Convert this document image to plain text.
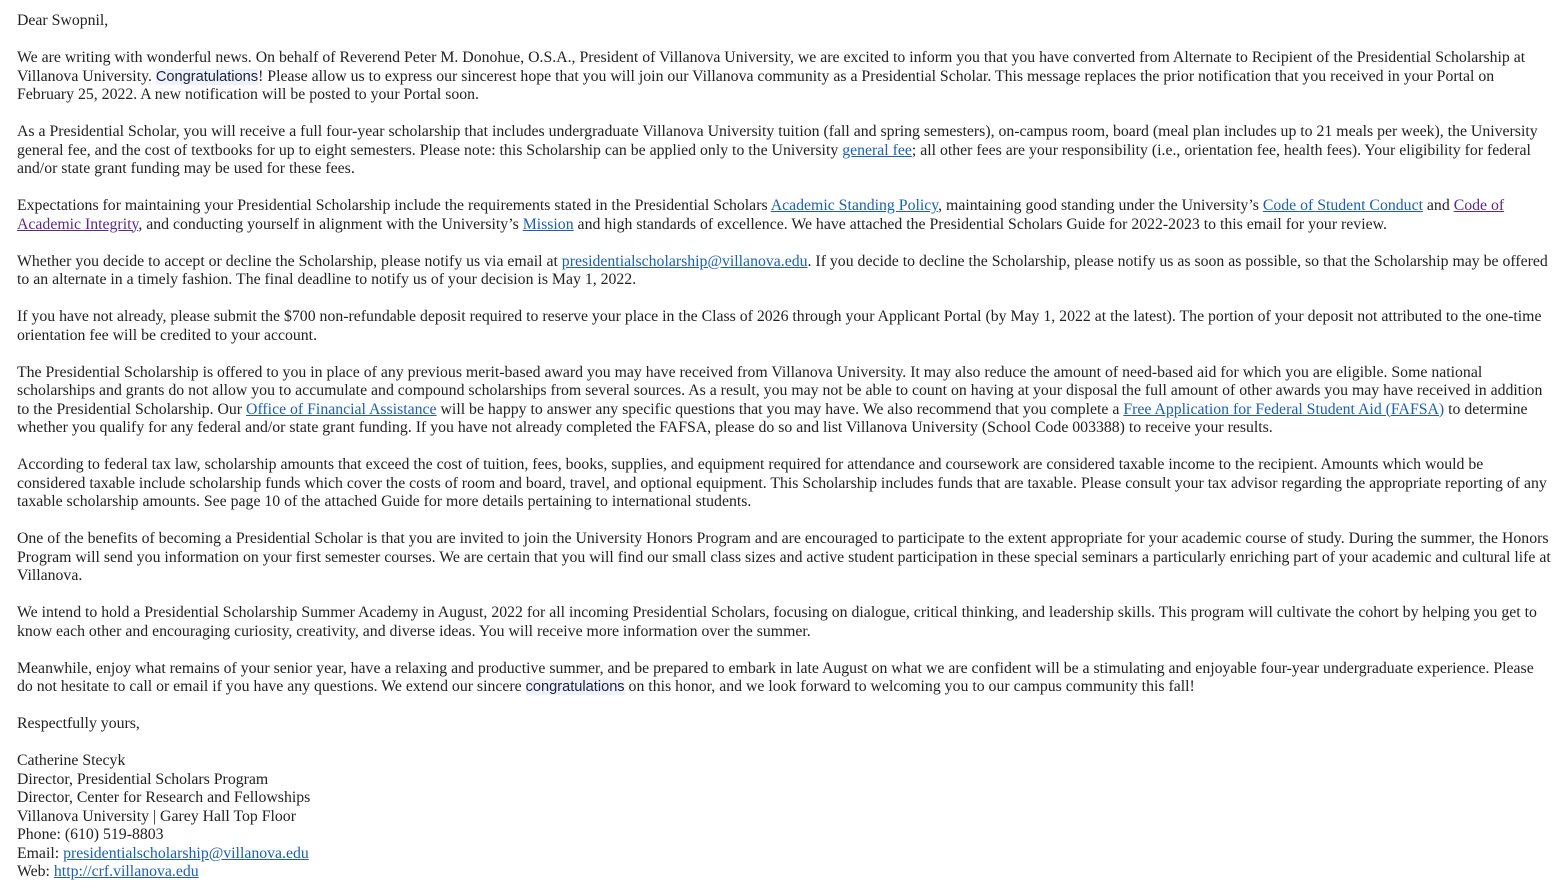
Dear Swopnil,

We are writing with wonderful news. On behalf of Reverend Peter M. Donohue, O.S.A., President of Villanova University, we are excited to inform you that you have converted from Alternate to Recipient of the Presidential Scholarship at Villanova University. Congratulations! Please allow us to express our sincerest hope that you will join our Villanova community as a Presidential Scholar. This message replaces the prior notification that you received in your Portal on February 25, 2022. A new notification will be posted to your Portal soon.

As a Presidential Scholar, you will receive a full four-year scholarship that includes undergraduate Villanova University tuition (fall and spring semesters), on-campus room, board (meal plan includes up to 21 meals per week), the University general fee, and the cost of textbooks for up to eight semesters. Please note: this Scholarship can be applied only to the University general fee; all other fees are your responsibility (i.e., orientation fee, health fees). Your eligibility for federal and/or state grant funding may be used for these fees.

Expectations for maintaining your Presidential Scholarship include the requirements stated in the Presidential Scholars Academic Standing Policy, maintaining good standing under the University’s Code of Student Conduct and Code of Academic Integrity, and conducting yourself in alignment with the University’s Mission and high standards of excellence. We have attached the Presidential Scholars Guide for 2022-2023 to this email for your review.

Whether you decide to accept or decline the Scholarship, please notify us via email at presidentialscholarship@villanova.edu. If you decide to decline the Scholarship, please notify us as soon as possible, so that the Scholarship may be offered to an alternate in a timely fashion. The final deadline to notify us of your decision is May 1, 2022.

If you have not already, please submit the $700 non-refundable deposit required to reserve your place in the Class of 2026 through your Applicant Portal (by May 1, 2022 at the latest). The portion of your deposit not attributed to the one-time orientation fee will be credited to your account.

The Presidential Scholarship is offered to you in place of any previous merit-based award you may have received from Villanova University. It may also reduce the amount of need-based aid for which you are eligible. Some national scholarships and grants do not allow you to accumulate and compound scholarships from several sources. As a result, you may not be able to count on having at your disposal the full amount of other awards you may have received in addition to the Presidential Scholarship. Our Office of Financial Assistance will be happy to answer any specific questions that you may have. We also recommend that you complete a Free Application for Federal Student Aid (FAFSA) to determine whether you qualify for any federal and/or state grant funding. If you have not already completed the FAFSA, please do so and list Villanova University (School Code 003388) to receive your results.

According to federal tax law, scholarship amounts that exceed the cost of tuition, fees, books, supplies, and equipment required for attendance and coursework are considered taxable income to the recipient. Amounts which would be considered taxable include scholarship funds which cover the costs of room and board, travel, and optional equipment. This Scholarship includes funds that are taxable. Please consult your tax advisor regarding the appropriate reporting of any taxable scholarship amounts. See page 10 of the attached Guide for more details pertaining to international students.

One of the benefits of becoming a Presidential Scholar is that you are invited to join the University Honors Program and are encouraged to participate to the extent appropriate for your academic course of study. During the summer, the Honors Program will send you information on your first semester courses. We are certain that you will find our small class sizes and active student participation in these special seminars a particularly enriching part of your academic and cultural life at Villanova.

We intend to hold a Presidential Scholarship Summer Academy in August, 2022 for all incoming Presidential Scholars, focusing on dialogue, critical thinking, and leadership skills. This program will cultivate the cohort by helping you get to know each other and encouraging curiosity, creativity, and diverse ideas. You will receive more information over the summer.

Meanwhile, enjoy what remains of your senior year, have a relaxing and productive summer, and be prepared to embark in late August on what we are confident will be a stimulating and enjoyable four-year undergraduate experience. Please do not hesitate to call or email if you have any questions. We extend our sincere congratulations on this honor, and we look forward to welcoming you to our campus community this fall!

Respectfully yours,

Catherine Stecyk
Director, Presidential Scholars Program
Director, Center for Research and Fellowships
Villanova University | Garey Hall Top Floor
Phone: (610) 519-8803
Email: presidentialscholarship@villanova.edu
Web: http://crf.villanova.edu
